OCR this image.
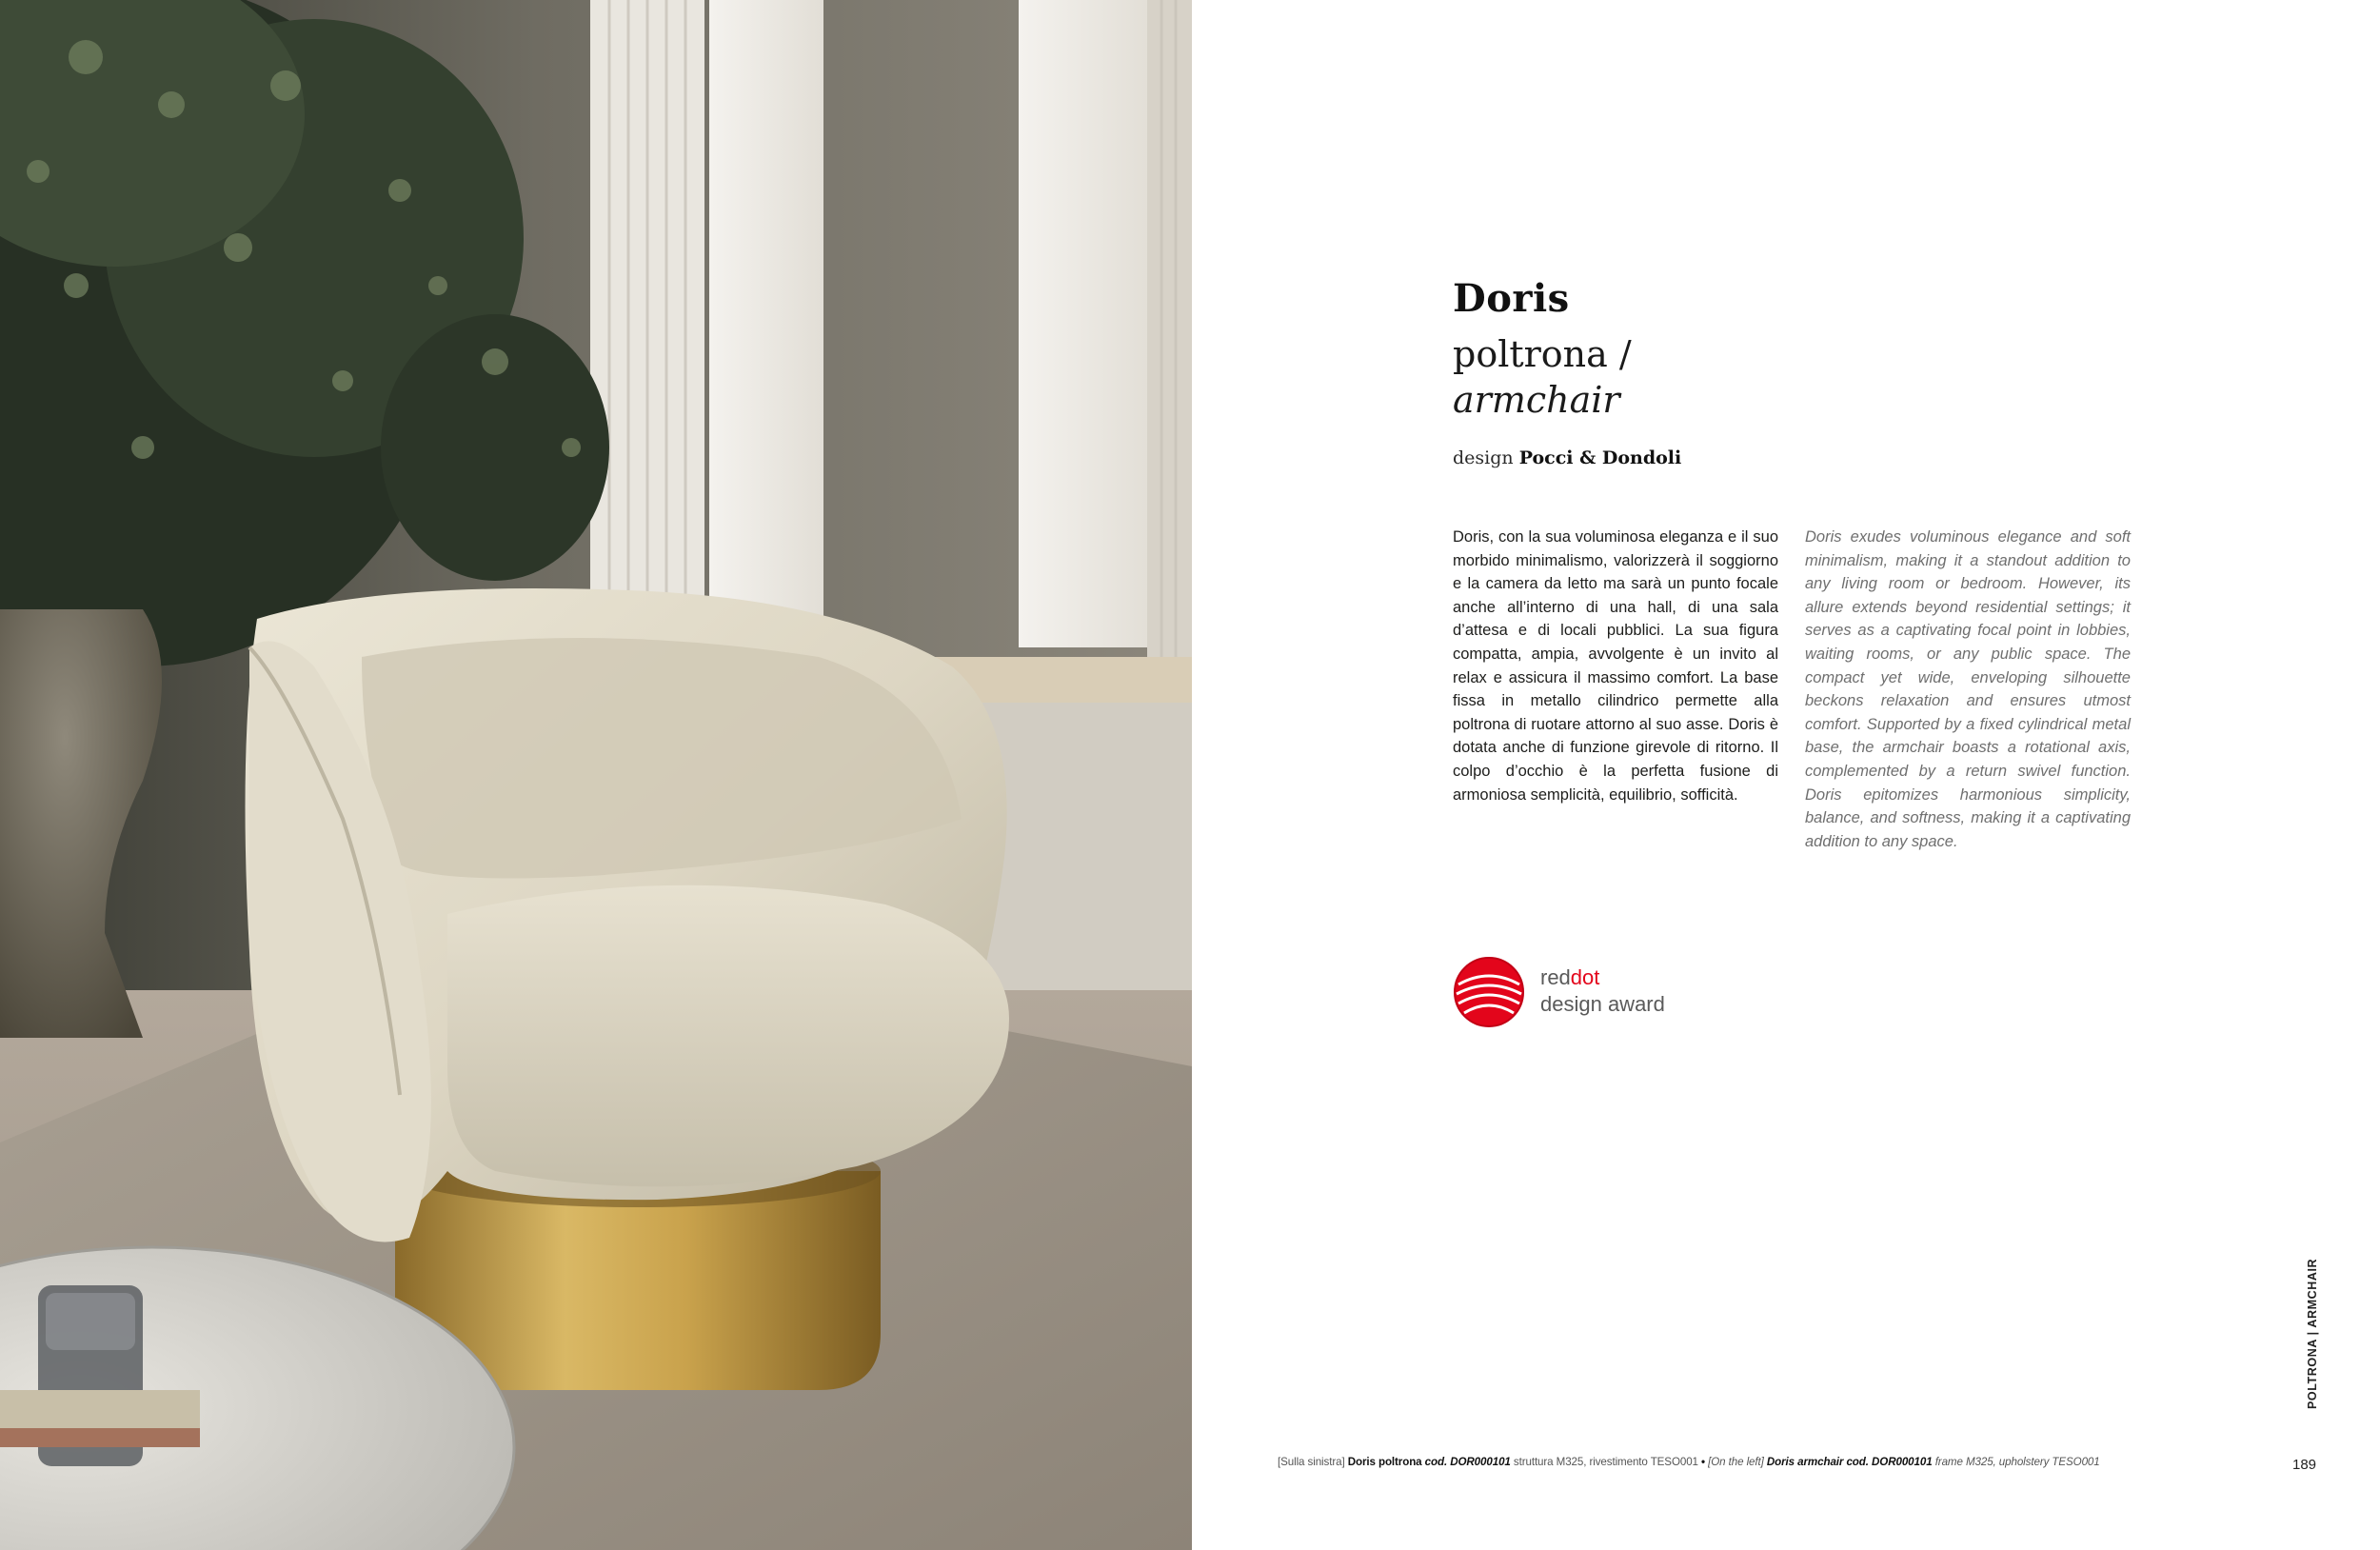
Doris
poltrona /
armchair
design Pocci & Dondoli
Doris, con la sua voluminosa eleganza e il suo morbido minimalismo, valorizzerà il soggiorno e la camera da letto ma sarà un punto focale anche all’interno di una hall, di una sala d’attesa e di locali pubblici. La sua figura compatta, ampia, avvolgente è un invito al relax e assicura il massimo comfort. La base fissa in metallo cilindrico permette alla poltrona di ruotare attorno al suo asse. Doris è dotata anche di funzione girevole di ritorno. Il colpo d’occhio è la perfetta fusione di armoniosa semplicità, equilibrio, sofficità.
Doris exudes voluminous elegance and soft minimalism, making it a standout addition to any living room or bedroom. However, its allure extends beyond residential settings; it serves as a captivating focal point in lobbies, waiting rooms, or any public space. The compact yet wide, enveloping silhouette beckons relaxation and ensures utmost comfort. Supported by a fixed cylindrical metal base, the armchair boasts a rotational axis, complemented by a return swivel function. Doris epitomizes harmonious simplicity, balance, and softness, making it a captivating addition to any space.
reddot
design award
[Sulla sinistra] Doris poltrona cod. DOR000101 struttura M325, rivestimento TESO001 • [On the left] Doris armchair cod. DOR000101 frame M325, upholstery TESO001
POLTRONA | ARMCHAIR
189
